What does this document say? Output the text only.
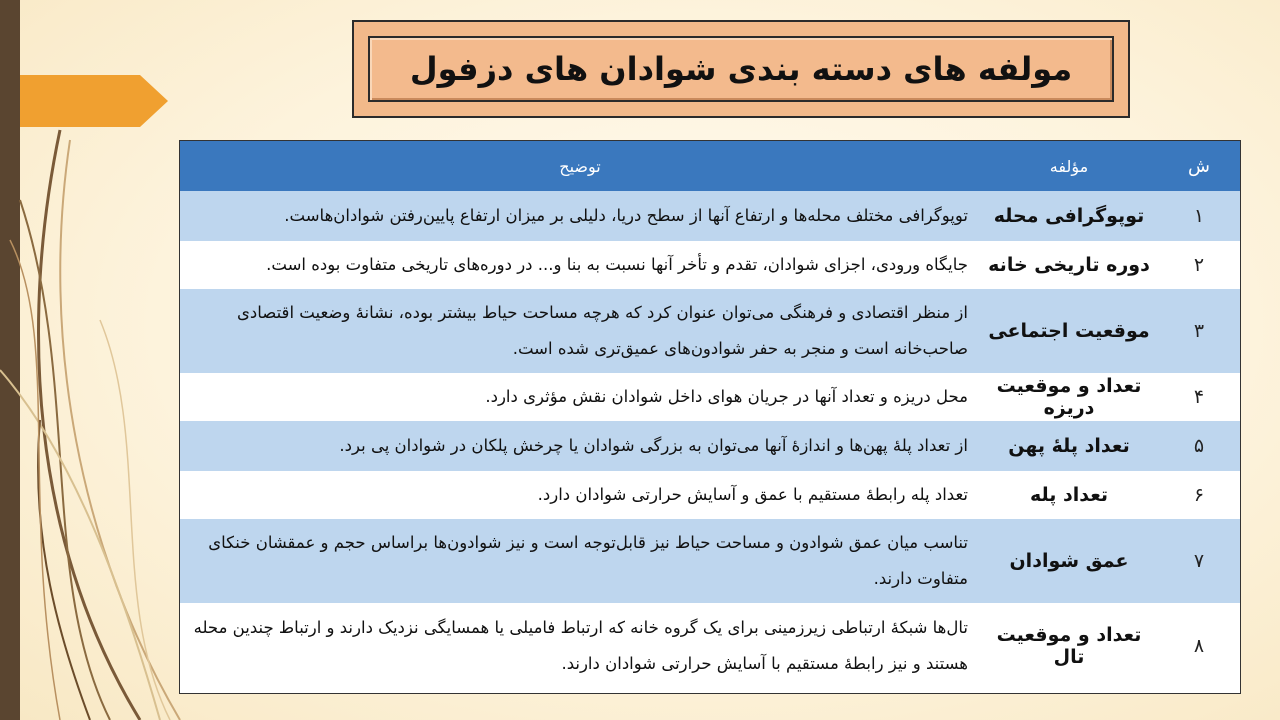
مولفه های دسته بندی شوادان های دزفول
ش	مؤلفه	توضیح
۱	توپوگرافی محله	توپوگرافی مختلف محله‌ها و ارتفاع آنها از سطح دریا، دلیلی بر میزان ارتفاع پایین‌رفتن شوادان‌هاست.
۲	دوره تاریخی خانه	جایگاه ورودی، اجزای شوادان، تقدم و تأخر آنها نسبت به بنا و... در دوره‌های تاریخی متفاوت بوده است.
۳	موقعیت اجتماعی	از منظر اقتصادی و فرهنگی می‌توان عنوان کرد که هرچه مساحت حیاط بیشتر بوده، نشانهٔ وضعیت اقتصادی صاحب‌خانه است و منجر به حفر شوادون‌های عمیق‌تری شده است.
۴	تعداد و موقعیت دریزه	محل دریزه و تعداد آنها در جریان هوای داخل شوادان نقش مؤثری دارد.
۵	تعداد پلهٔ پهن	از تعداد پلهٔ پهن‌ها و اندازهٔ آنها می‌توان به بزرگی شوادان یا چرخش پلکان در شوادان پی برد.
۶	تعداد پله	تعداد پله رابطهٔ مستقیم با عمق و آسایش حرارتی شوادان دارد.
۷	عمق شوادان	تناسب میان عمق شوادون و مساحت حیاط نیز قابل‌توجه است و نیز شوادون‌ها براساس حجم و عمقشان خنکای متفاوت دارند.
۸	تعداد و موقعیت تال	تال‌ها شبکهٔ ارتباطی زیرزمینی برای یک گروه خانه که ارتباط فامیلی یا همسایگی نزدیک دارند و ارتباط چندین محله هستند و نیز رابطهٔ مستقیم با آسایش حرارتی شوادان دارند.
